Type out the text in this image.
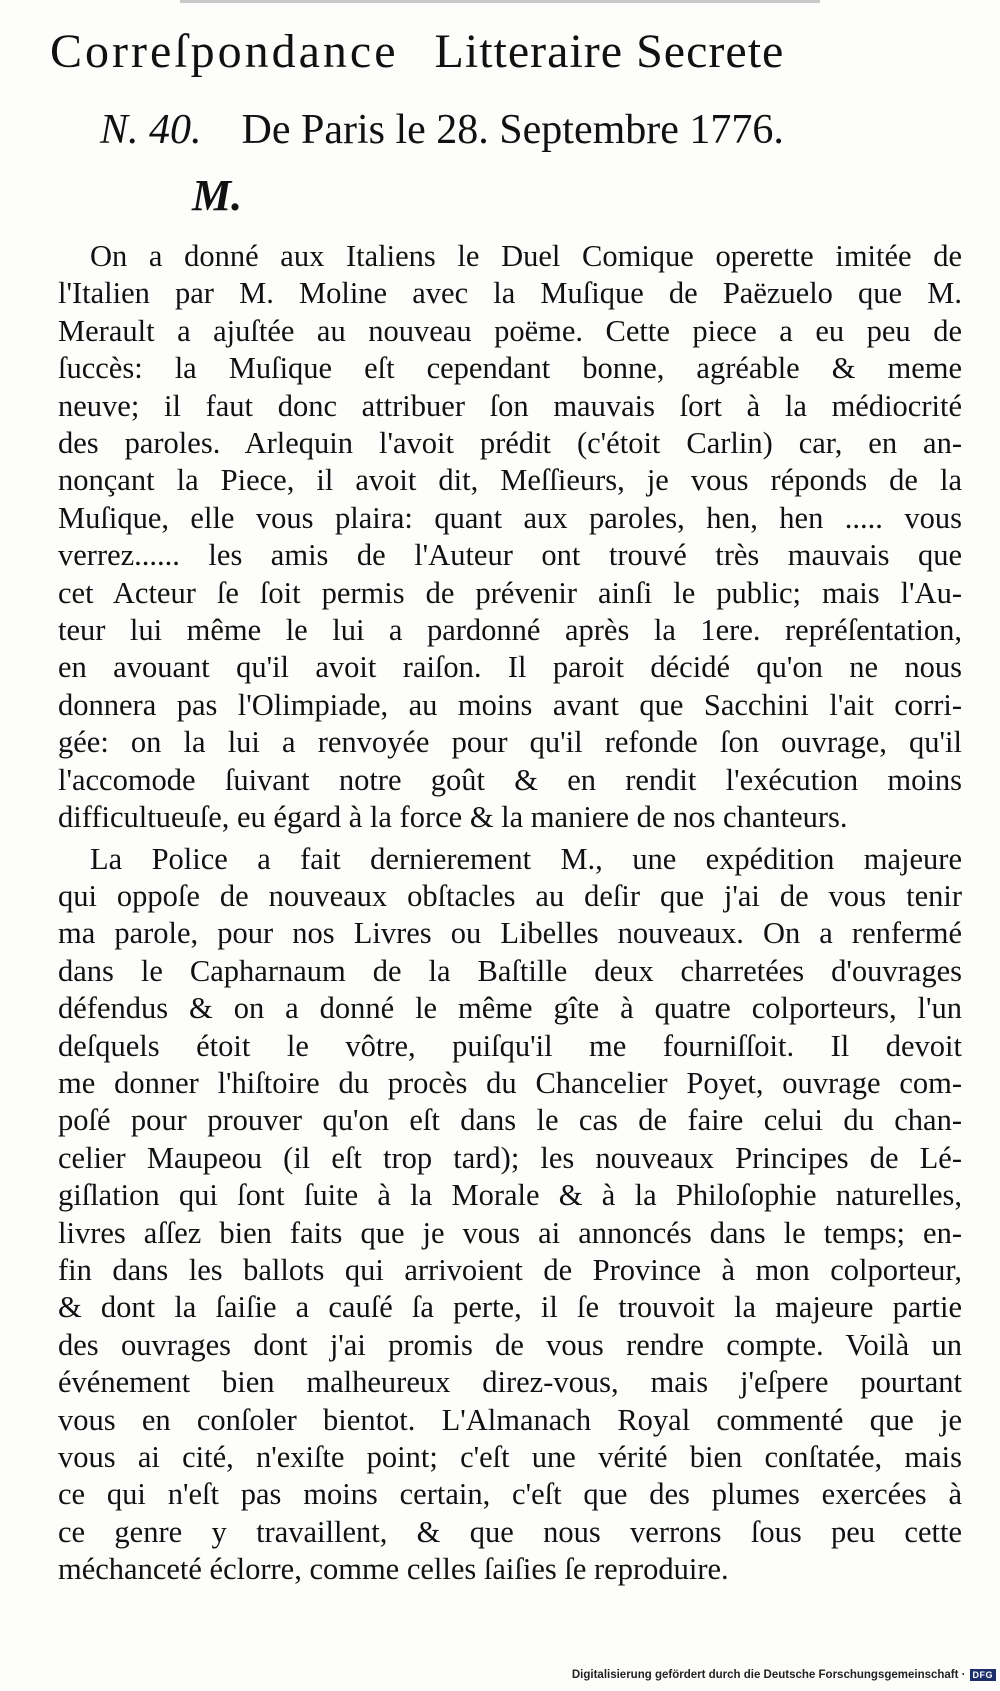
Correſpondance Litteraire Secrete
N. 40. De Paris le 28. Septembre 1776.
M.
On a donné aux Italiens le Duel Comique operette imitée de
l'Italien par M. Moline avec la Muſique de Paëzuelo que M.
Merault a ajuſtée au nouveau poëme. Cette piece a eu peu de
ſuccès: la Muſique eſt cependant bonne, agréable & meme
neuve; il faut donc attribuer ſon mauvais ſort à la médiocrité
des paroles. Arlequin l'avoit prédit (c'étoit Carlin) car, en an-
nonçant la Piece, il avoit dit, Meſſieurs, je vous réponds de la
Muſique, elle vous plaira: quant aux paroles, hen, hen ..... vous
verrez...... les amis de l'Auteur ont trouvé très mauvais que
cet Acteur ſe ſoit permis de prévenir ainſi le public; mais l'Au-
teur lui même le lui a pardonné après la 1ere. repréſentation,
en avouant qu'il avoit raiſon. Il paroit décidé qu'on ne nous
donnera pas l'Olimpiade, au moins avant que Sacchini l'ait corri-
gée: on la lui a renvoyée pour qu'il refonde ſon ouvrage, qu'il
l'accomode ſuivant notre goût & en rendit l'exécution moins
difficultueuſe, eu égard à la force & la maniere de nos chanteurs.
La Police a fait dernierement M., une expédition majeure
qui oppoſe de nouveaux obſtacles au deſir que j'ai de vous tenir
ma parole, pour nos Livres ou Libelles nouveaux. On a renfermé
dans le Capharnaum de la Baſtille deux charretées d'ouvrages
défendus & on a donné le même gîte à quatre colporteurs, l'un
deſquels étoit le vôtre, puiſqu'il me fourniſſoit. Il devoit
me donner l'hiſtoire du procès du Chancelier Poyet, ouvrage com-
poſé pour prouver qu'on eſt dans le cas de faire celui du chan-
celier Maupeou (il eſt trop tard); les nouveaux Principes de Lé-
giſlation qui ſont ſuite à la Morale & à la Philoſophie naturelles,
livres aſſez bien faits que je vous ai annoncés dans le temps; en-
fin dans les ballots qui arrivoient de Province à mon colporteur,
& dont la ſaiſie a cauſé ſa perte, il ſe trouvoit la majeure partie
des ouvrages dont j'ai promis de vous rendre compte. Voilà un
événement bien malheureux direz-vous, mais j'eſpere pourtant
vous en conſoler bientot. L'Almanach Royal commenté que je
vous ai cité, n'exiſte point; c'eſt une vérité bien conſtatée, mais
ce qui n'eſt pas moins certain, c'eſt que des plumes exercées à
ce genre y travaillent, & que nous verrons ſous peu cette
méchanceté éclorre, comme celles ſaiſies ſe reproduire.
Digitalisierung gefördert durch die Deutsche Forschungsgemeinschaft · DFG
